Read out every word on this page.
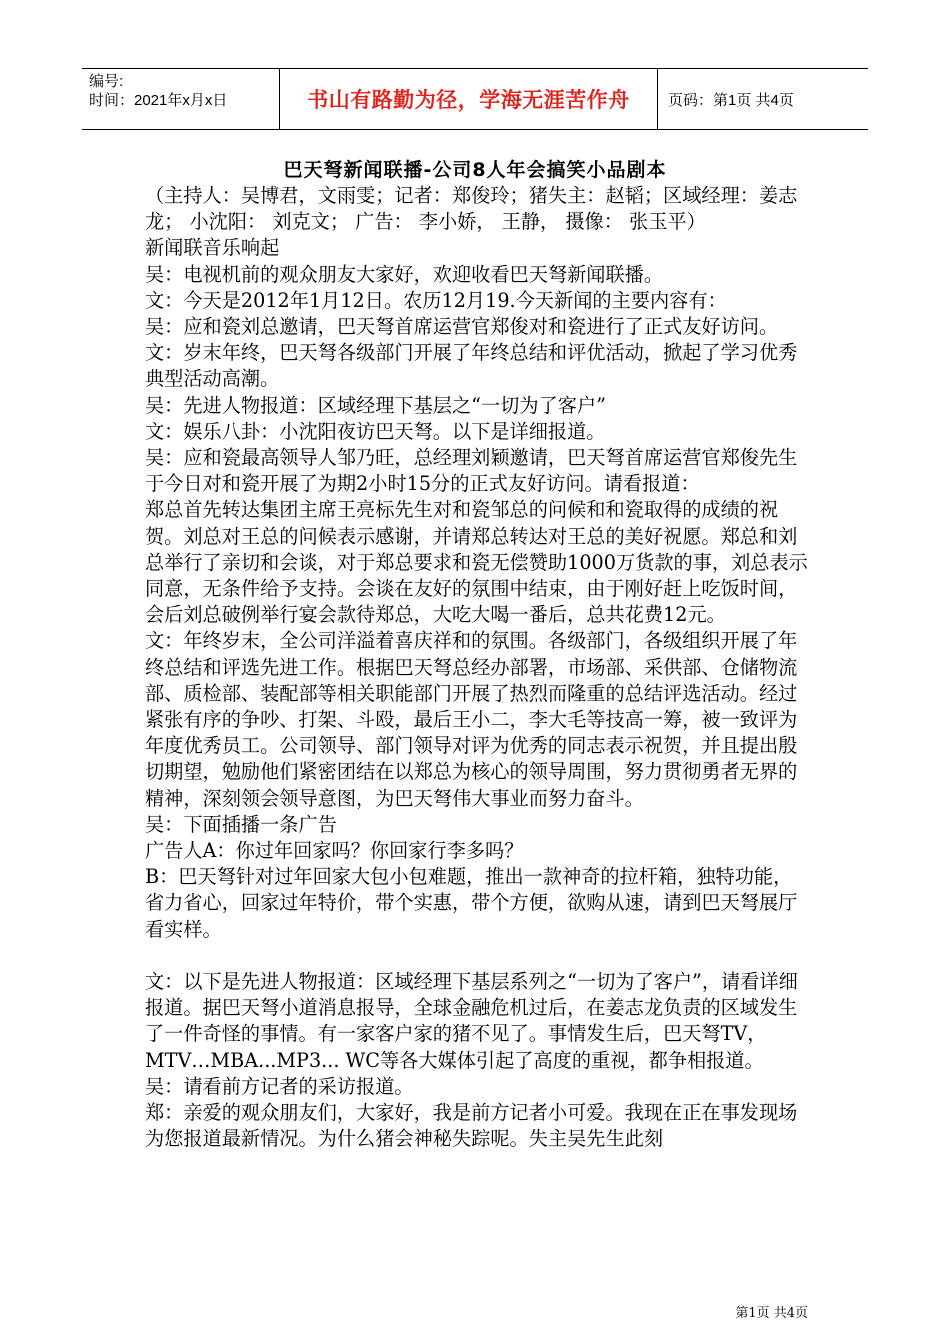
编号:
时间：2021年x月x日	书山有路勤为径，学海无涯苦作舟	页码：第1页 共4页
巴天弩新闻联播-公司8人年会搞笑小品剧本

（主持人：吴博君，文雨雯；记者：郑俊玲；猪失主：赵韬；区域经理：姜志龙； 小沈阳： 刘克文； 广告： 李小娇， 王静， 摄像： 张玉平）

新闻联音乐响起

吴：电视机前的观众朋友大家好，欢迎收看巴天弩新闻联播。

文：今天是2012年1月12日。农历12月19.今天新闻的主要内容有：

吴：应和瓷刘总邀请，巴天弩首席运营官郑俊对和瓷进行了正式友好访问。

文：岁末年终，巴天弩各级部门开展了年终总结和评优活动，掀起了学习优秀典型活动高潮。

吴：先进人物报道：区域经理下基层之“一切为了客户”

文：娱乐八卦：小沈阳夜访巴天弩。以下是详细报道。

吴：应和瓷最高领导人邹乃旺，总经理刘颖邀请，巴天弩首席运营官郑俊先生于今日对和瓷开展了为期2小时15分的正式友好访问。请看报道：

郑总首先转达集团主席王亮标先生对和瓷邹总的问候和和瓷取得的成绩的祝贺。刘总对王总的问候表示感谢，并请郑总转达对王总的美好祝愿。郑总和刘总举行了亲切和会谈，对于郑总要求和瓷无偿赞助1000万货款的事，刘总表示同意，无条件给予支持。会谈在友好的氛围中结束，由于刚好赶上吃饭时间，会后刘总破例举行宴会款待郑总，大吃大喝一番后，总共花费12元。

文：年终岁末，全公司洋溢着喜庆祥和的氛围。各级部门，各级组织开展了年终总结和评选先进工作。根据巴天弩总经办部署，市场部、采供部、仓储物流部、质检部、装配部等相关职能部门开展了热烈而隆重的总结评选活动。经过紧张有序的争吵、打架、斗殴，最后王小二，李大毛等技高一筹，被一致评为年度优秀员工。公司领导、部门领导对评为优秀的同志表示祝贺，并且提出殷切期望，勉励他们紧密团结在以郑总为核心的领导周围，努力贯彻勇者无界的精神，深刻领会领导意图，为巴天弩伟大事业而努力奋斗。

吴：下面插播一条广告

广告人A：你过年回家吗？你回家行李多吗？

B：巴天弩针对过年回家大包小包难题，推出一款神奇的拉杆箱，独特功能，省力省心，回家过年特价，带个实惠，带个方便，欲购从速，请到巴天弩展厅看实样。

文：以下是先进人物报道：区域经理下基层系列之“一切为了客户”，请看详细报道。据巴天弩小道消息报导，全球金融危机过后，在姜志龙负责的区域发生了一件奇怪的事情。有一家客户家的猪不见了。事情发生后，巴天弩TV，MTV…MBA...MP3... WC等各大媒体引起了高度的重视，都争相报道。

吴：请看前方记者的采访报道。

郑：亲爱的观众朋友们，大家好，我是前方记者小可爱。我现在正在事发现场为您报道最新情况。为什么猪会神秘失踪呢。失主吴先生此刻

第1页 共4页
